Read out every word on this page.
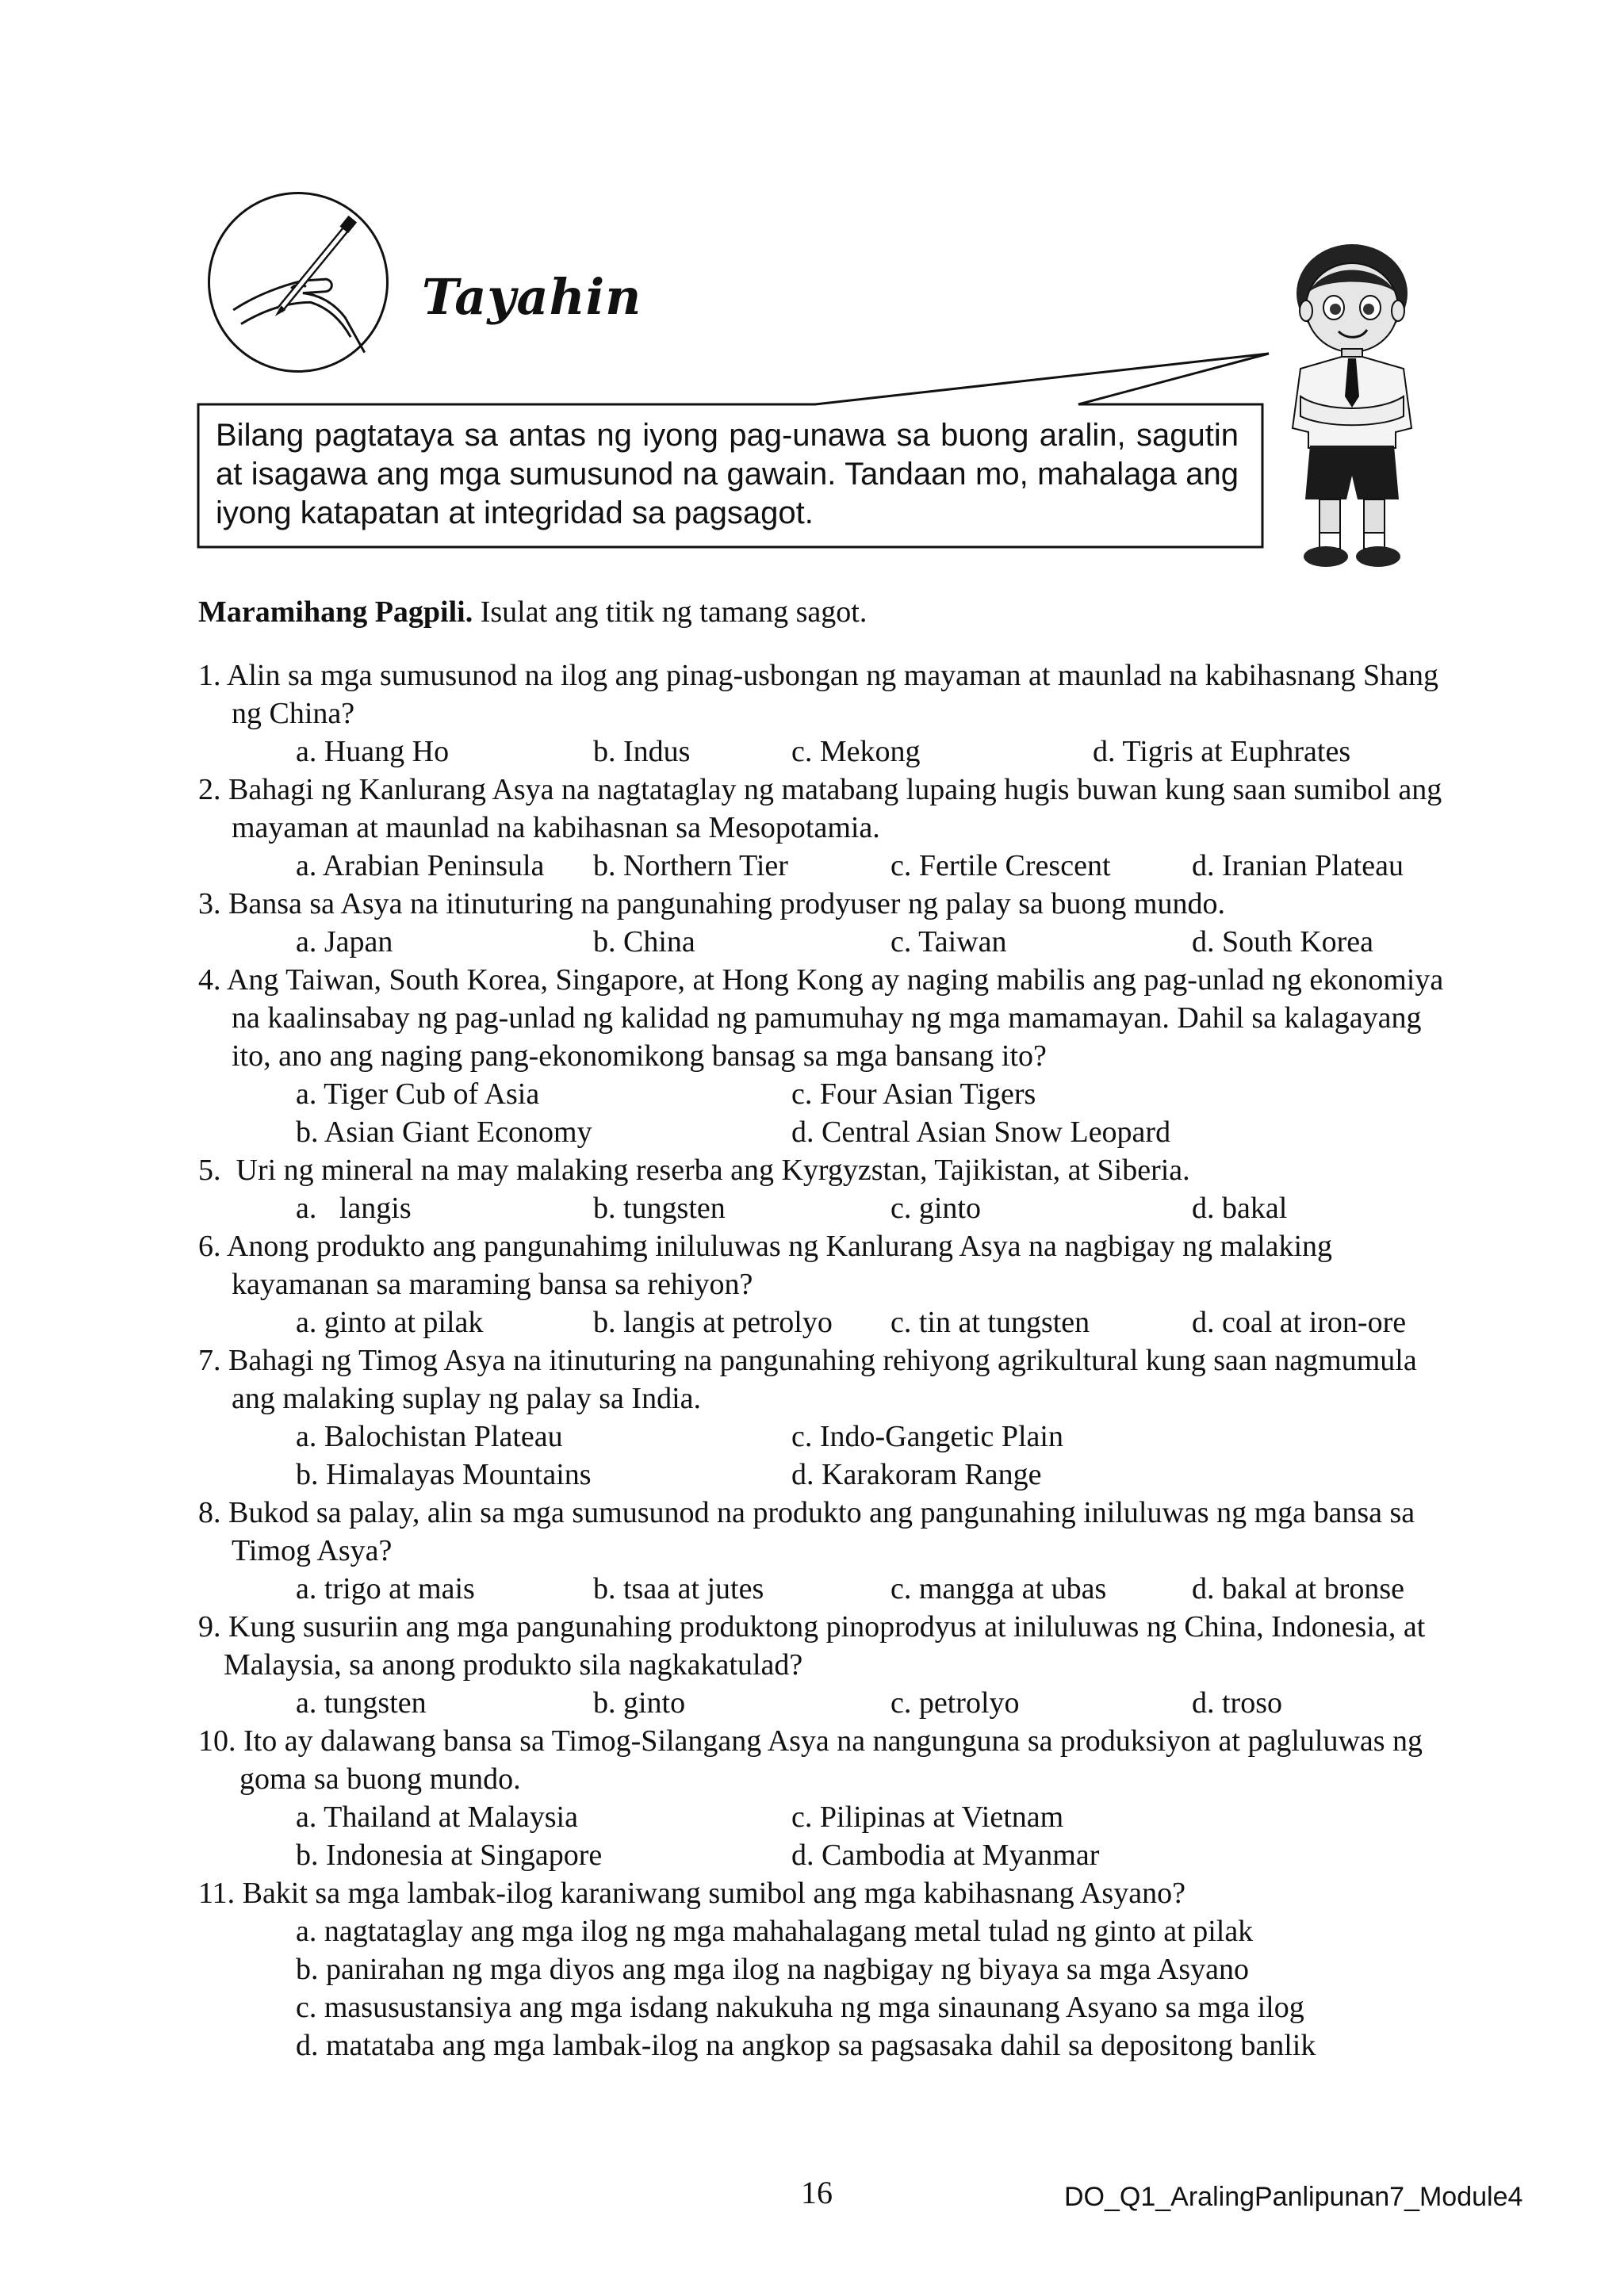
Tayahin
Bilang pagtataya sa antas ng iyong pag-unawa sa buong aralin, sagutin at isagawa ang mga sumusunod na gawain. Tandaan mo, mahalaga ang iyong katapatan at integridad sa pagsagot.

Maramihang Pagpili. Isulat ang titik ng tamang sagot.

1. Alin sa mga sumusunod na ilog ang pinag-usbongan ng mayaman at maunlad na kabihasnang Shang ng China?
a. Huang Ho	b. Indus	c. Mekong	d. Tigris at Euphrates
2. Bahagi ng Kanlurang Asya na nagtataglay ng matabang lupaing hugis buwan kung saan sumibol ang mayaman at maunlad na kabihasnan sa Mesopotamia.
a. Arabian Peninsula b. Northern Tier	c. Fertile Crescent	d. Iranian Plateau
3. Bansa sa Asya na itinuturing na pangunahing prodyuser ng palay sa buong mundo.
a. Japan	b. China	c. Taiwan	d. South Korea
4. Ang Taiwan, South Korea, Singapore, at Hong Kong ay naging mabilis ang pag-unlad ng ekonomiya na kaalinsabay ng pag-unlad ng kalidad ng pamumuhay ng mga mamamayan. Dahil sa kalagayang ito, ano ang naging pang-ekonomikong bansag sa mga bansang ito?
a. Tiger Cub of Asia	c. Four Asian Tigers
b. Asian Giant Economy	d. Central Asian Snow Leopard
5. Uri ng mineral na may malaking reserba ang Kyrgyzstan, Tajikistan, at Siberia.
a.   langis	b. tungsten	c. ginto	d. bakal
6. Anong produkto ang pangunahimg iniluluwas ng Kanlurang Asya na nagbigay ng malaking kayamanan sa maraming bansa sa rehiyon?
a. ginto at pilak	b. langis at petrolyo c. tin at tungsten	d. coal at iron-ore
7. Bahagi ng Timog Asya na itinuturing na pangunahing rehiyong agrikultural kung saan nagmumula ang malaking suplay ng palay sa India.
a. Balochistan Plateau	c. Indo-Gangetic Plain
b. Himalayas Mountains	d. Karakoram Range
8. Bukod sa palay, alin sa mga sumusunod na produkto ang pangunahing iniluluwas ng mga bansa sa Timog Asya?
a. trigo at mais	b. tsaa at jutes	c. mangga at ubas	d. bakal at bronse
9. Kung susuriin ang mga pangunahing produktong pinoprodyus at iniluluwas ng China, Indonesia, at Malaysia, sa anong produkto sila nagkakatulad?
a. tungsten	b. ginto	c. petrolyo	d. troso
10. Ito ay dalawang bansa sa Timog-Silangang Asya na nangunguna sa produksiyon at pagluluwas ng goma sa buong mundo.
a. Thailand at Malaysia	c. Pilipinas at Vietnam
b. Indonesia at Singapore	d. Cambodia at Myanmar
11. Bakit sa mga lambak-ilog karaniwang sumibol ang mga kabihasnang Asyano?
a. nagtataglay ang mga ilog ng mga mahahalagang metal tulad ng ginto at pilak
b. panirahan ng mga diyos ang mga ilog na nagbigay ng biyaya sa mga Asyano
c. masusustansiya ang mga isdang nakukuha ng mga sinaunang Asyano sa mga ilog
d. matataba ang mga lambak-ilog na angkop sa pagsasaka dahil sa depositong banlik
16	DO_Q1_AralingPanlipunan7_Module4
